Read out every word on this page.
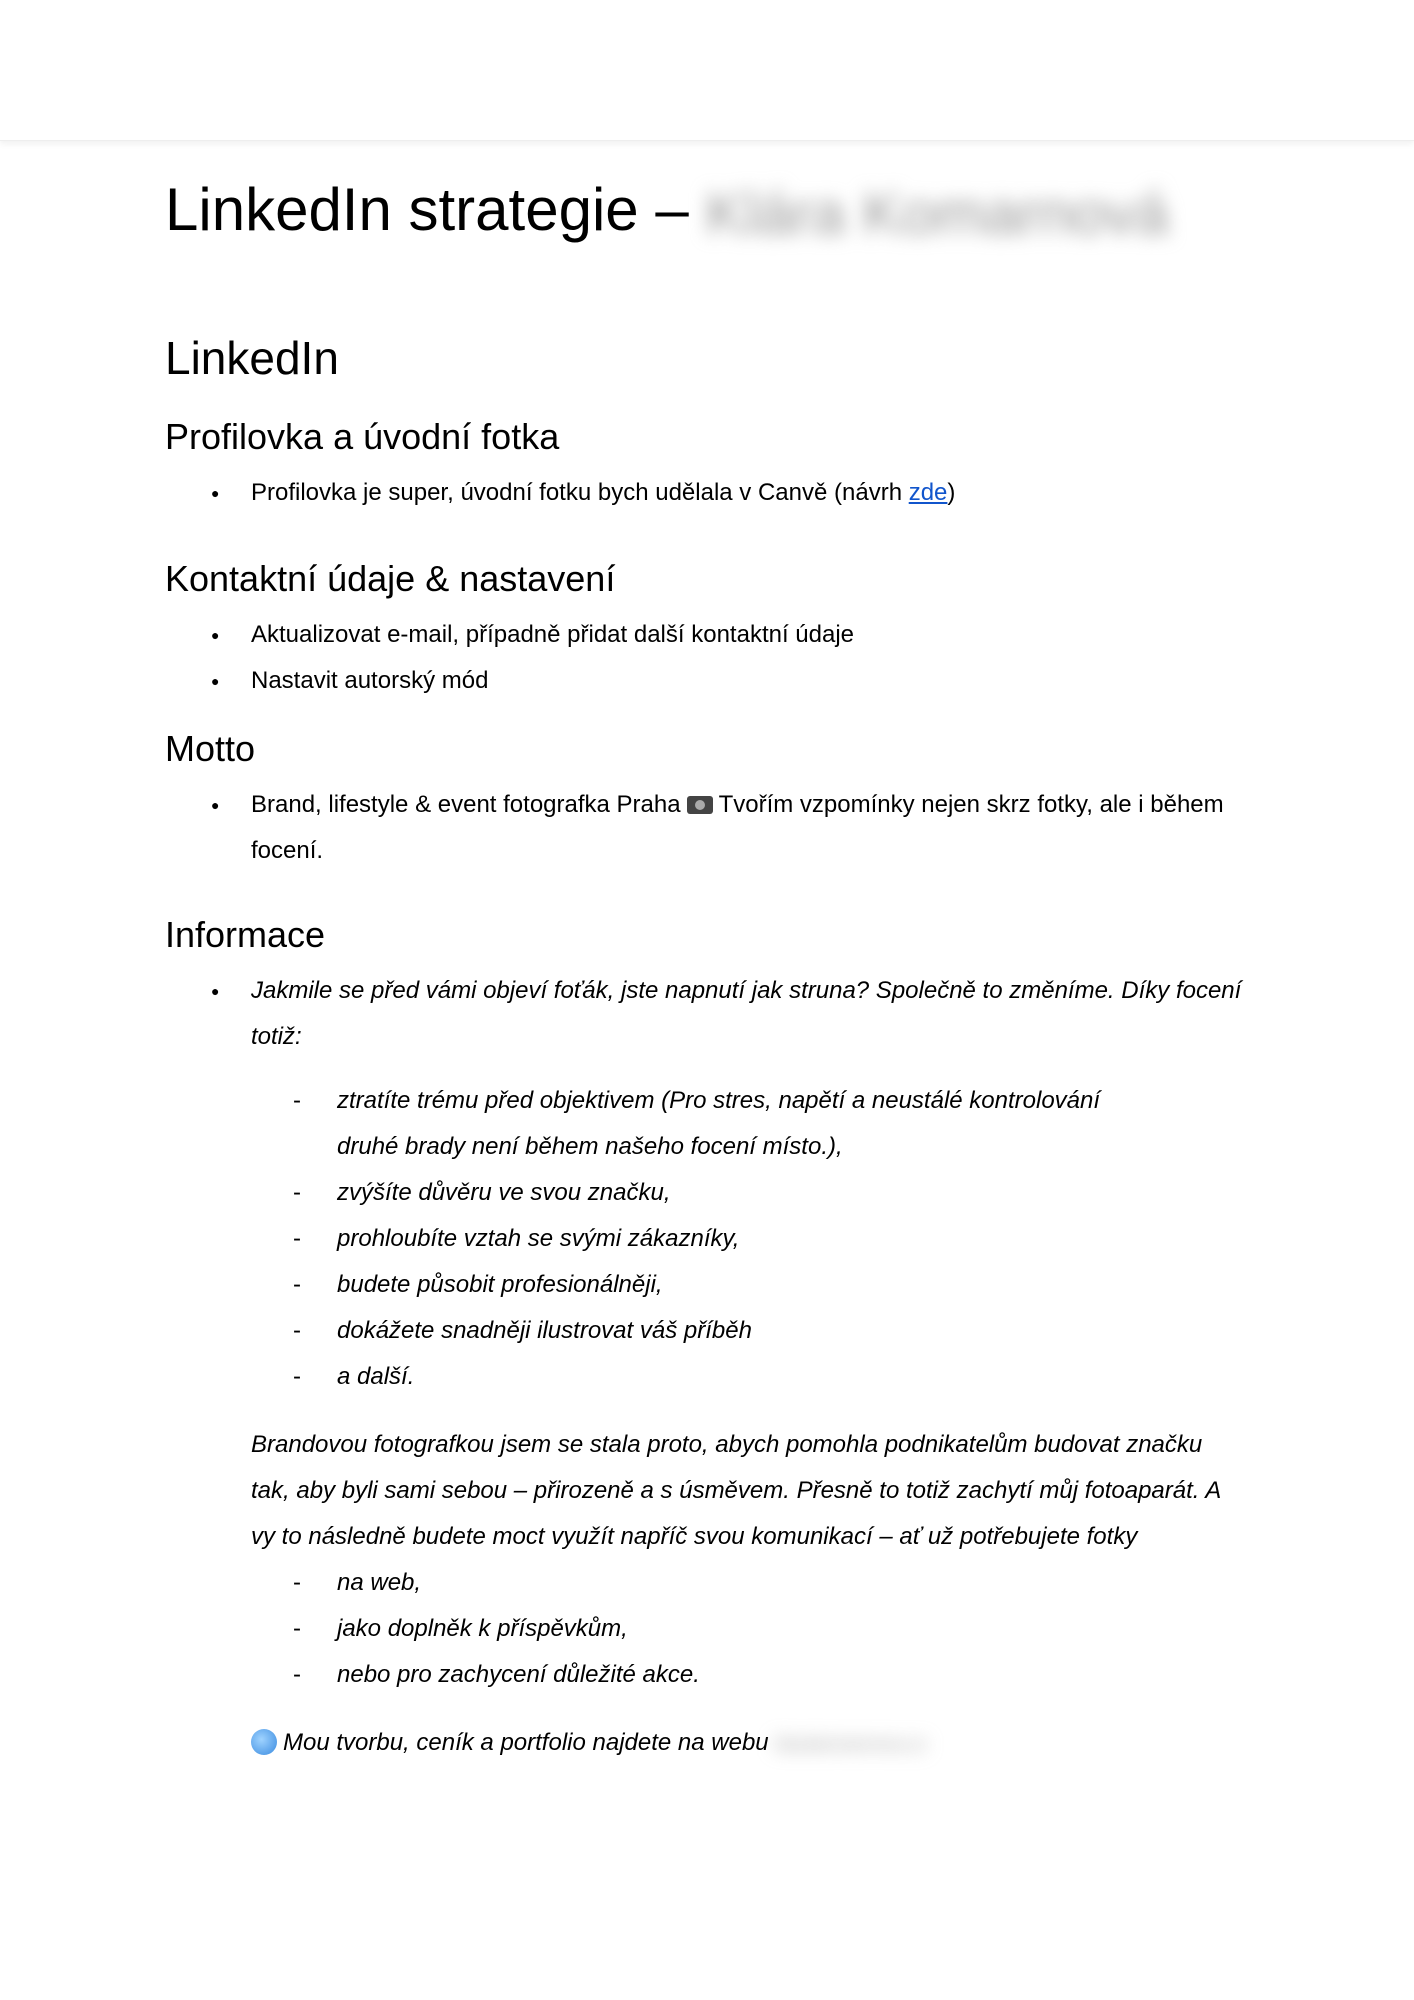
LinkedIn strategie – Klára Komarnová
LinkedIn
Profilovka a úvodní fotka
● Profilovka je super, úvodní fotku bych udělala v Canvě (návrh zde)
Kontaktní údaje & nastavení
● Aktualizovat e-mail, případně přidat další kontaktní údaje
● Nastavit autorský mód
Motto
● Brand, lifestyle & event fotografka Praha Tvořím vzpomínky nejen skrz fotky, ale i během focení.
Informace
● Jakmile se před vámi objeví foťák, jste napnutí jak struna? Společně to změníme. Díky focení totiž:
- ztratíte trému před objektivem (Pro stres, napětí a neustálé kontrolování druhé brady není během našeho focení místo.),
- zvýšíte důvěru ve svou značku,
- prohloubíte vztah se svými zákazníky,
- budete působit profesionálněji,
- dokážete snadněji ilustrovat váš příběh
- a další.

Brandovou fotografkou jsem se stala proto, abych pomohla podnikatelům budovat značku tak, aby byli sami sebou – přirozeně a s úsměvem. Přesně to totiž zachytí můj fotoaparát. A vy to následně budete moct využít napříč svou komunikací – ať už potřebujete fotky

- na web,
- jako doplněk k příspěvkům,
- nebo pro zachycení důležité akce.

Mou tvorbu, ceník a portfolio najdete na webu klarakomarnova.cz
